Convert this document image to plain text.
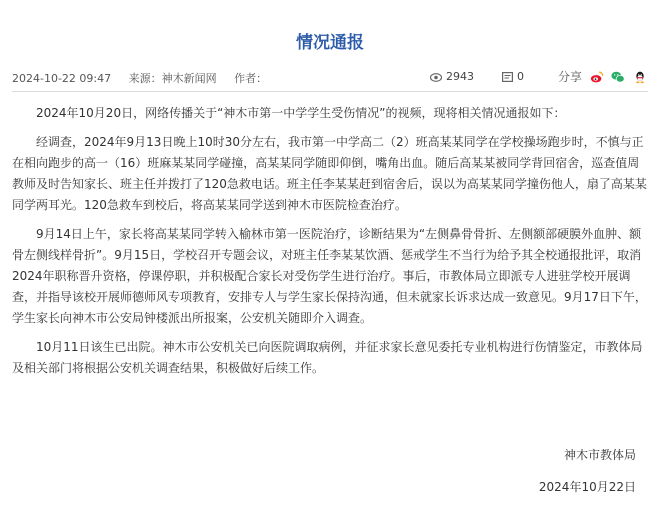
情况通报
2024-10-22 09:47 来源：神木新闻网 作者：	2943	0	分享

2024年10月20日，网络传播关于“神木市第一中学学生受伤情况”的视频，现将相关情况通报如下：

经调查，2024年9月13日晚上10时30分左右，我市第一中学高二（2）班高某某同学在学校操场跑步时，不慎与正在相向跑步的高一（16）班麻某某同学碰撞，高某某同学随即仰倒，嘴角出血。随后高某某被同学背回宿舍，巡查值周教师及时告知家长、班主任并拨打了120急救电话。班主任李某某赶到宿舍后，误以为高某某同学撞伤他人，扇了高某某同学两耳光。120急救车到校后，将高某某同学送到神木市医院检查治疗。

9月14日上午，家长将高某某同学转入榆林市第一医院治疗，诊断结果为“左侧鼻骨骨折、左侧额部硬膜外血肿、额骨左侧线样骨折”。9月15日，学校召开专题会议，对班主任李某某饮酒、惩戒学生不当行为给予其全校通报批评，取消2024年职称晋升资格，停课停职，并积极配合家长对受伤学生进行治疗。事后，市教体局立即派专人进驻学校开展调查，并指导该校开展师德师风专项教育，安排专人与学生家长保持沟通，但未就家长诉求达成一致意见。9月17日下午，学生家长向神木市公安局钟楼派出所报案，公安机关随即介入调查。

10月11日该生已出院。神木市公安机关已向医院调取病例，并征求家长意见委托专业机构进行伤情鉴定，市教体局及相关部门将根据公安机关调查结果，积极做好后续工作。

神木市教体局
2024年10月22日
